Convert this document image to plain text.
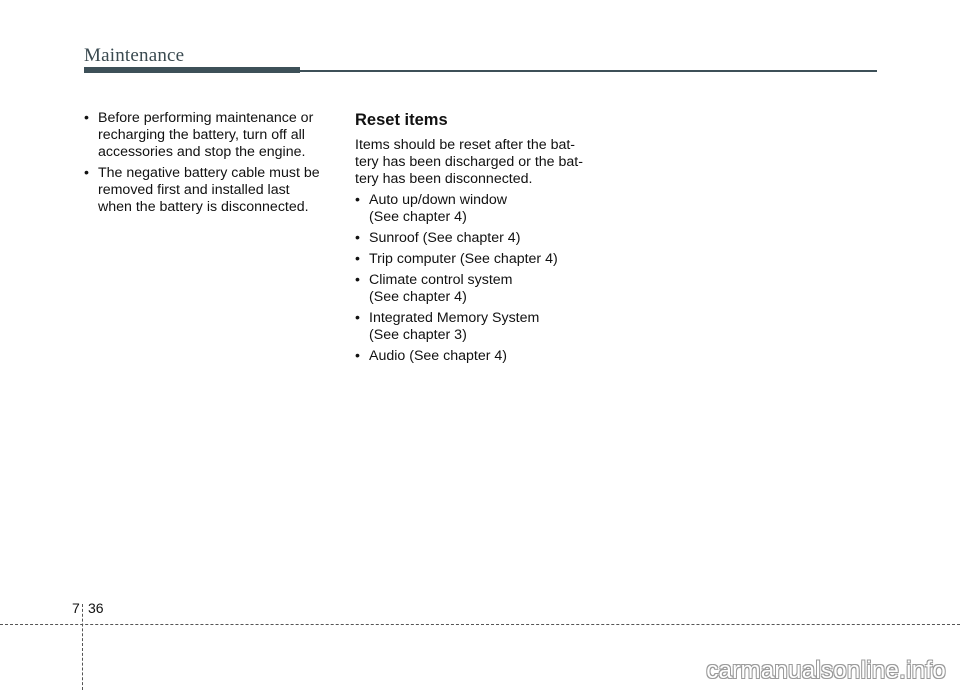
Maintenance
• Before performing maintenance or
recharging the battery, turn off all
accessories and stop the engine.
• The negative battery cable must be
removed first and installed last
when the battery is disconnected.
Reset items

Items should be reset after the bat-
tery has been discharged or the bat-
tery has been disconnected.

• Auto up/down window
(See chapter 4)
• Sunroof (See chapter 4)
• Trip computer (See chapter 4)
• Climate control system
(See chapter 4)
• Integrated Memory System
(See chapter 3)
• Audio (See chapter 4)
7 36
carmanualsonline.info
